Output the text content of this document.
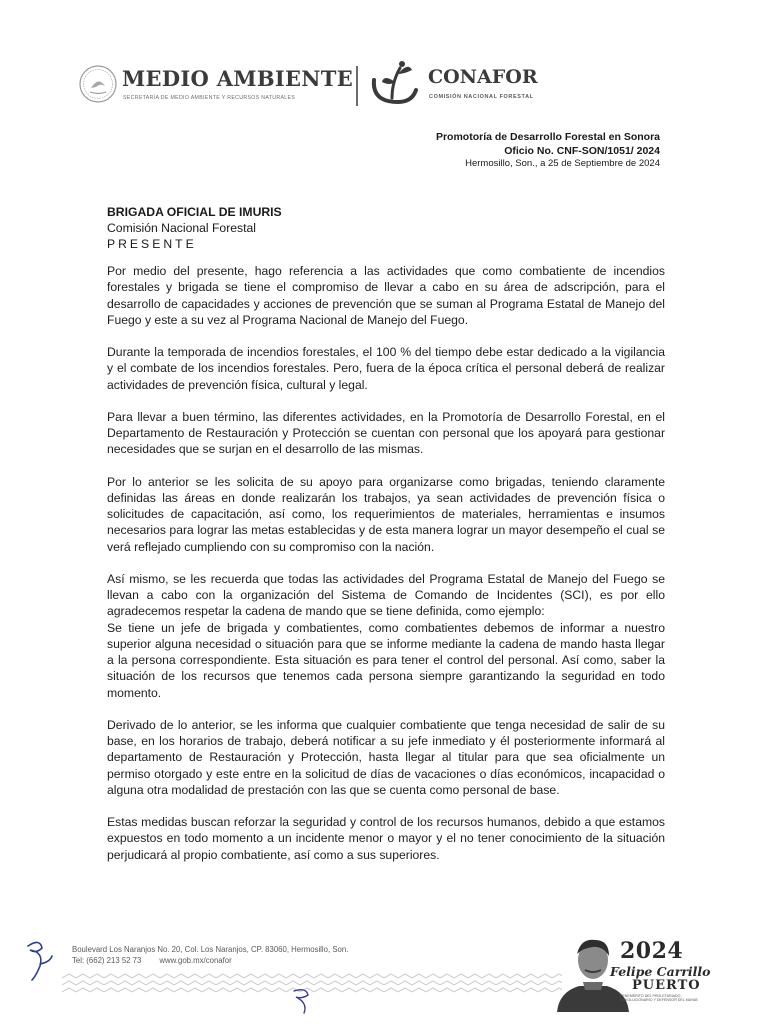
MEDIO AMBIENTE
SECRETARÍA DE MEDIO AMBIENTE Y RECURSOS NATURALES
CONAFOR
COMISIÓN NACIONAL FORESTAL
Promotoría de Desarrollo Forestal en Sonora
Oficio No. CNF-SON/1051/ 2024
Hermosillo, Son., a 25 de Septiembre de 2024
BRIGADA OFICIAL DE IMURIS
Comisión Nacional Forestal
PRESENTE

Por medio del presente, hago referencia a las actividades que como combatiente de incendios forestales y brigada se tiene el compromiso de llevar a cabo en su área de adscripción, para el desarrollo de capacidades y acciones de prevención que se suman al Programa Estatal de Manejo del Fuego y este a su vez al Programa Nacional de Manejo del Fuego.

Durante la temporada de incendios forestales, el 100 % del tiempo debe estar dedicado a la vigilancia y el combate de los incendios forestales. Pero, fuera de la época crítica el personal deberá de realizar actividades de prevención física, cultural y legal.

Para llevar a buen término, las diferentes actividades, en la Promotoría de Desarrollo Forestal, en el Departamento de Restauración y Protección se cuentan con personal que los apoyará para gestionar necesidades que se surjan en el desarrollo de las mismas.

Por lo anterior se les solicita de su apoyo para organizarse como brigadas, teniendo claramente definidas las áreas en donde realizarán los trabajos, ya sean actividades de prevención física o solicitudes de capacitación, así como, los requerimientos de materiales, herramientas e insumos necesarios para lograr las metas establecidas y de esta manera lograr un mayor desempeño el cual se verá reflejado cumpliendo con su compromiso con la nación.

Así mismo, se les recuerda que todas las actividades del Programa Estatal de Manejo del Fuego se llevan a cabo con la organización del Sistema de Comando de Incidentes (SCI), es por ello agradecemos respetar la cadena de mando que se tiene definida, como ejemplo:

Se tiene un jefe de brigada y combatientes, como combatientes debemos de informar a nuestro superior alguna necesidad o situación para que se informe mediante la cadena de mando hasta llegar a la persona correspondiente. Esta situación es para tener el control del personal. Así como, saber la situación de los recursos que tenemos cada persona siempre garantizando la seguridad en todo momento.

Derivado de lo anterior, se les informa que cualquier combatiente que tenga necesidad de salir de su base, en los horarios de trabajo, deberá notificar a su jefe inmediato y él posteriormente informará al departamento de Restauración y Protección, hasta llegar al titular para que sea oficialmente un permiso otorgado y este entre en la solicitud de días de vacaciones o días económicos, incapacidad o alguna otra modalidad de prestación con las que se cuenta como personal de base.

Estas medidas buscan reforzar la seguridad y control de los recursos humanos, debido a que estamos expuestos en todo momento a un incidente menor o mayor y el no tener conocimiento de la situación perjudicará al propio combatiente, así como a sus superiores.

Boulevard Los Naranjos No. 20, Col. Los Naranjos, CP. 83060, Hermosillo, Son.
Tel: (662) 213 52 73 www.gob.mx/conafor	2024
Felipe Carrillo
PUERTO
BENEMÉRITO DEL PROLETARIADO, REVOLUCIONARIO Y DEFENSOR DEL MAYAB
